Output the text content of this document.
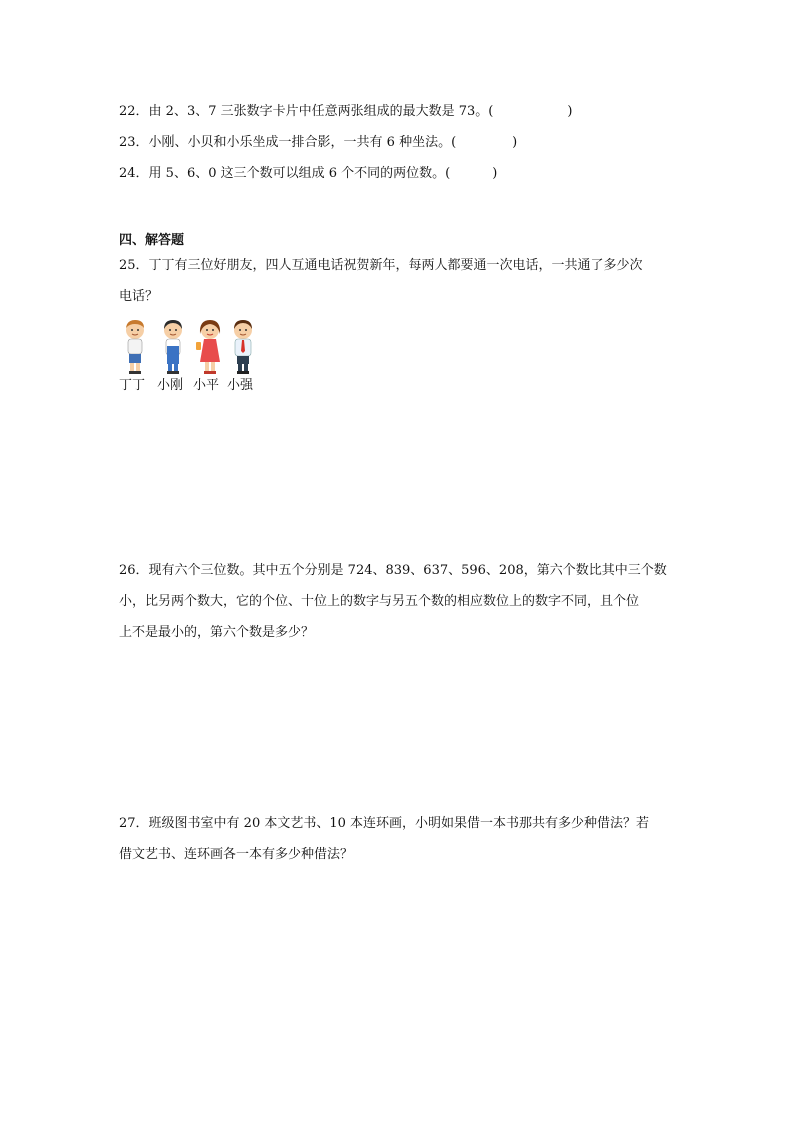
22．由 2、3、7 三张数字卡片中任意两张组成的最大数是 73。(	)
23．小刚、小贝和小乐坐成一排合影，一共有 6 种坐法。(	)
24．用 5、6、0 这三个数可以组成 6 个不同的两位数。(	)
四、解答题
25．丁丁有三位好朋友，四人互通电话祝贺新年，每两人都要通一次电话，一共通了多少次
电话？
丁丁 小刚 小平 小强
26．现有六个三位数。其中五个分别是 724、839、637、596、208，第六个数比其中三个数
小，比另两个数大，它的个位、十位上的数字与另五个数的相应数位上的数字不同，且个位
上不是最小的，第六个数是多少？
27．班级图书室中有 20 本文艺书、10 本连环画，小明如果借一本书那共有多少种借法？若
借文艺书、连环画各一本有多少种借法？
